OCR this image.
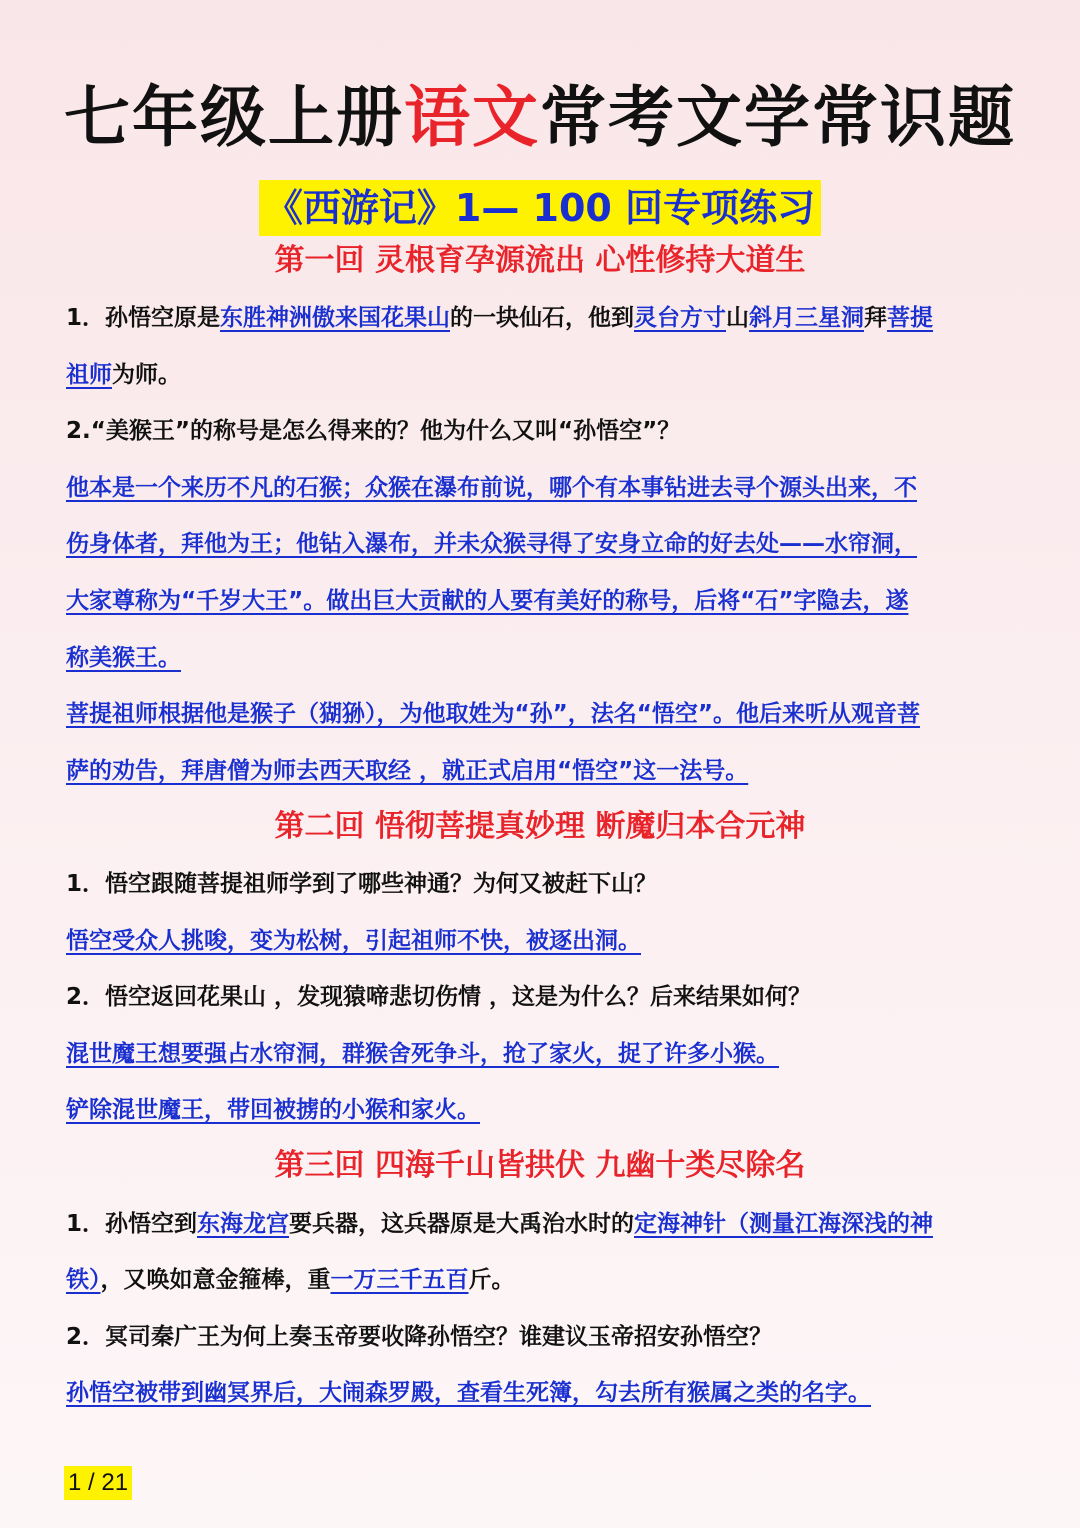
七年级上册语文常考文学常识题
《西游记》1— 100 回专项练习
第一回 灵根育孕源流出 心性修持大道生
1．孙悟空原是东胜神洲傲来国花果山的一块仙石，他到灵台方寸山斜月三星洞拜菩提
祖师为师。
2.“美猴王”的称号是怎么得来的？他为什么又叫“孙悟空”？
他本是一个来历不凡的石猴；众猴在瀑布前说，哪个有本事钻进去寻个源头出来，不
伤身体者，拜他为王；他钻入瀑布，并未众猴寻得了安身立命的好去处——水帘洞，
大家尊称为“千岁大王”。做出巨大贡献的人要有美好的称号，后将“石”字隐去，遂
称美猴王。
菩提祖师根据他是猴子（猢狲），为他取姓为“孙”，法名“悟空”。他后来听从观音菩
萨的劝告，拜唐僧为师去西天取经 ，就正式启用“悟空”这一法号。
第二回 悟彻菩提真妙理 断魔归本合元神
1．悟空跟随菩提祖师学到了哪些神通？为何又被赶下山？
悟空受众人挑唆，变为松树，引起祖师不快，被逐出洞。
2．悟空返回花果山 ，发现猿啼悲切伤情 ，这是为什么？后来结果如何？
混世魔王想要强占水帘洞，群猴舍死争斗，抢了家火，捉了许多小猴。
铲除混世魔王，带回被掳的小猴和家火。
第三回 四海千山皆拱伏 九幽十类尽除名
1．孙悟空到东海龙宫要兵器，这兵器原是大禹治水时的定海神针（测量江海深浅的神
铁），又唤如意金箍棒，重一万三千五百斤。
2．冥司秦广王为何上奏玉帝要收降孙悟空？谁建议玉帝招安孙悟空？
孙悟空被带到幽冥界后，大闹森罗殿，查看生死簿，勾去所有猴属之类的名字。
1 / 21
